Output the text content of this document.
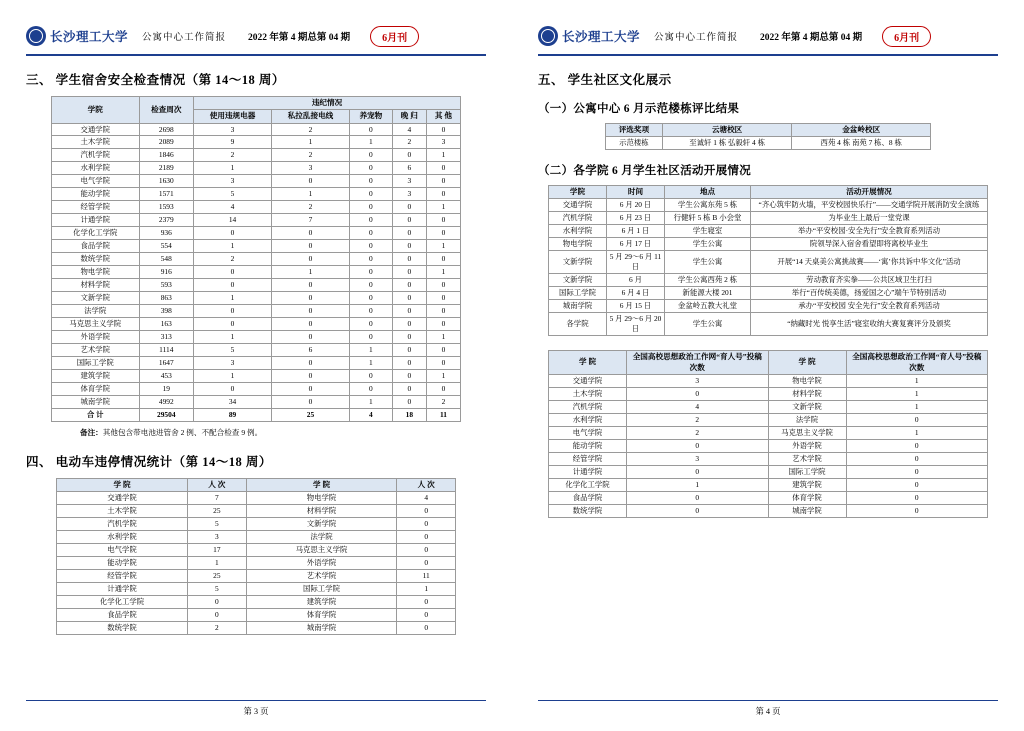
长沙理工大学 公寓中心工作简报 2022 年第 4 期总第 04 期	6月刊
三、 学生宿舍安全检查情况（第 14～18 周）
学院	检查周次	违纪情况				
		使用违规电器	私拉乱接电线	养宠物	晚 归	其 他
交通学院	2698	3	2	0	4	0
土木学院	2089	9	1	1	2	3
汽机学院	1846	2	2	0	0	1
水利学院	2189	1	3	0	6	0
电气学院	1630	3	0	0	3	0
能动学院	1571	5	1	0	3	0
经管学院	1593	4	2	0	0	1
计通学院	2379	14	7	0	0	0
化学化工学院	936	0	0	0	0	0
食品学院	554	1	0	0	0	1
数统学院	548	2	0	0	0	0
物电学院	916	0	1	0	0	1
材料学院	593	0	0	0	0	0
文新学院	863	1	0	0	0	0
法学院	398	0	0	0	0	0
马克思主义学院	163	0	0	0	0	0
外语学院	313	1	0	0	0	1
艺术学院	1114	5	6	1	0	0
国际工学院	1647	3	0	1	0	0
建筑学院	453	1	0	0	0	1
体育学院	19	0	0	0	0	0
城南学院	4992	34	0	1	0	2
合 计	29504	89	25	4	18	11
备注：其他包含带电池进管舍 2 例、不配合检查 9 例。
四、 电动车违停情况统计（第 14～18 周）
学 院	人 次	学 院	人 次
交通学院	7	物电学院	4
土木学院	25	材料学院	0
汽机学院	5	文新学院	0
水利学院	3	法学院	0
电气学院	17	马克思主义学院	0
能动学院	1	外语学院	0
经管学院	25	艺术学院	11
计通学院	5	国际工学院	1
化学化工学院	0	建筑学院	0
食品学院	0	体育学院	0
数统学院	2	城南学院	0
第 3 页
长沙理工大学 公寓中心工作简报 2022 年第 4 期总第 04 期	6月刊
五、 学生社区文化展示
（一）公寓中心 6 月示范楼栋评比结果
评选奖项	云塘校区	金盆岭校区
示范楼栋	至诚轩 1 栋 弘毅轩 4 栋	西苑 4 栋 南苑 7 栋、8 栋
（二）各学院 6 月学生社区活动开展情况
学院	时间	地点	活动开展情况
交通学院	6 月 20 日	学生公寓东苑 5 栋	“齐心筑牢防火墙，平安校园快乐行”——交通学院开展消防安全演练
汽机学院	6 月 23 日	行健轩 5 栋 B 小会堂	为毕业生上最后一堂党课
水利学院	6 月 1 日	学生寝室	举办“平安校园·安全先行”安全教育系列活动
物电学院	6 月 17 日	学生公寓	院领导深入宿舍看望即将离校毕业生
文新学院	5 月 29～6 月 11 日	学生公寓	开展“14 天桌美公寓挑战赛——‘寓’你共诉中华文化”活动
文新学院	6 月	学生公寓西苑 2 栋	劳动教育齐实拳——公共区域卫生打扫
国际工学院	6 月 4 日	新能源大楼 201	举行“百传统美德，扬爱国之心”端午节特别活动
城南学院	6 月 15 日	金盆岭五教大礼堂	承办“平安校园 安全先行”安全教育系列活动
各学院	5 月 29～6 月 20 日	学生公寓	“纳藏时光 悦享生活”寝室收纳大赛复赛评分及颁奖
学 院	全国高校思想政治工作网“育人号”投稿次数	学 院	全国高校思想政治工作网“育人号”投稿次数
交通学院	3	物电学院	1
土木学院	0	材料学院	1
汽机学院	4	文新学院	1
水利学院	2	法学院	0
电气学院	2	马克思主义学院	1
能动学院	0	外语学院	0
经管学院	3	艺术学院	0
计通学院	0	国际工学院	0
化学化工学院	1	建筑学院	0
食品学院	0	体育学院	0
数统学院	0	城南学院	0
第 4 页
